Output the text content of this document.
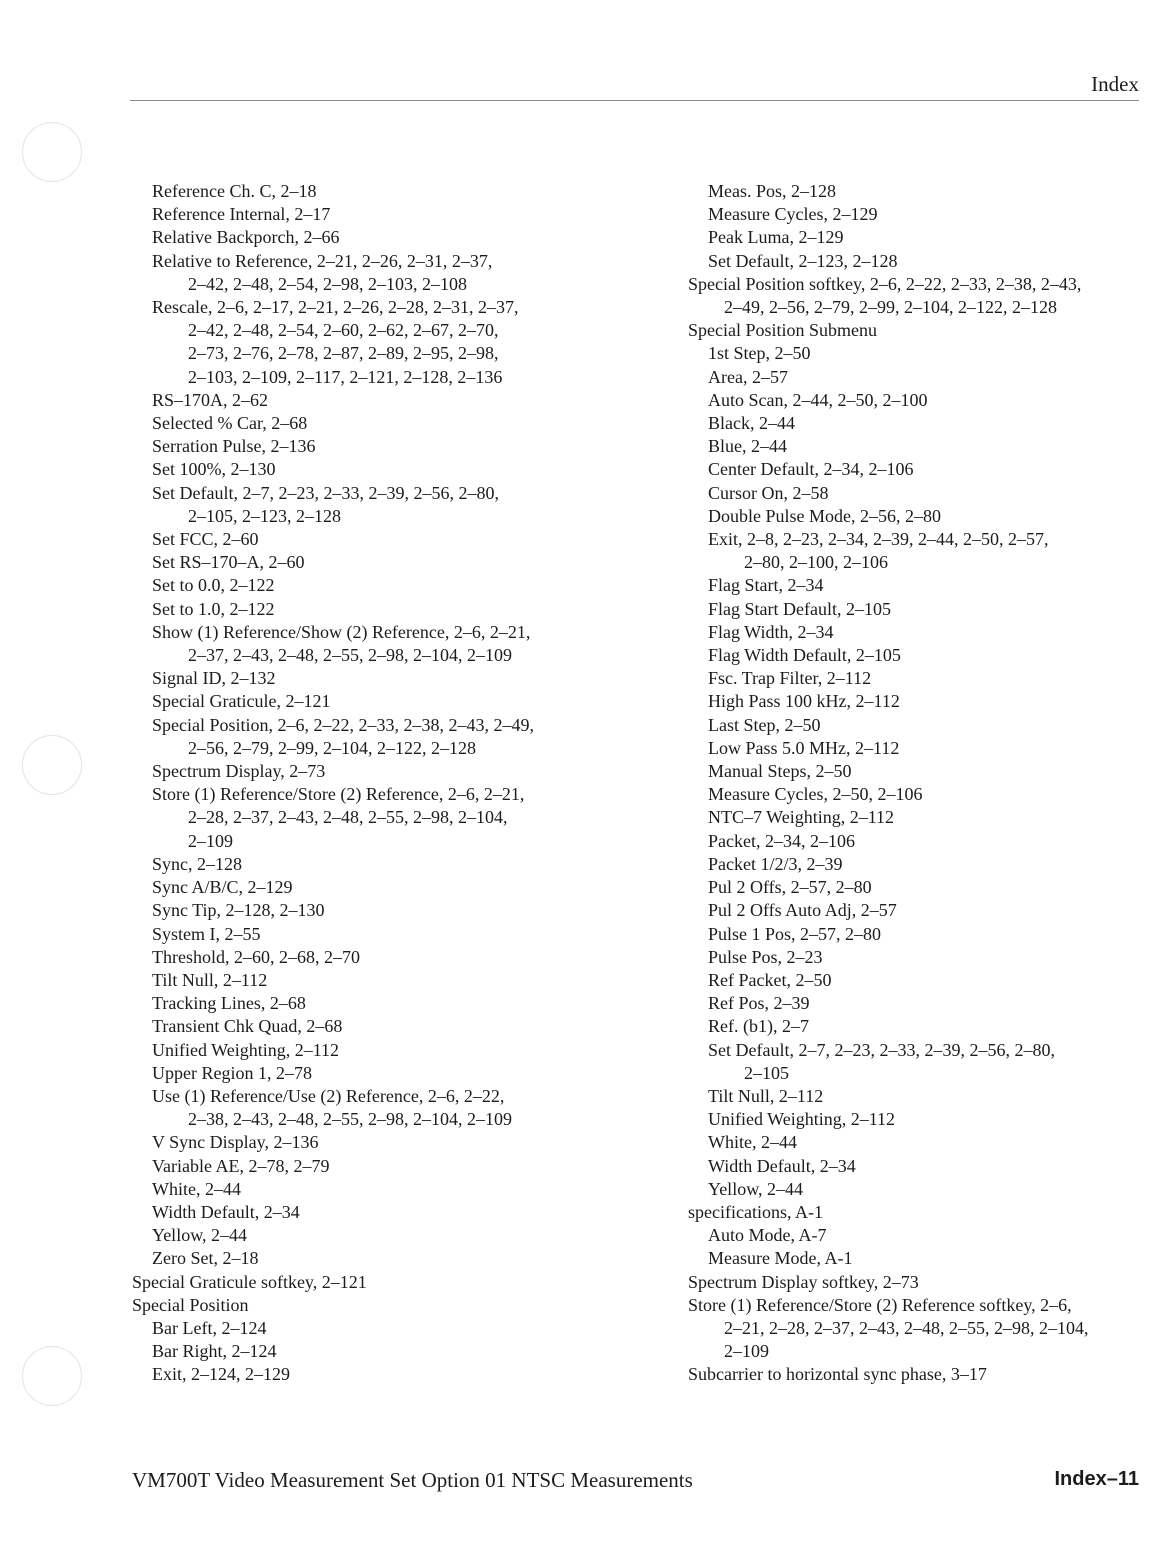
Index
Reference Ch. C, 2–18
Reference Internal, 2–17
Relative Backporch, 2–66
Relative to Reference, 2–21, 2–26, 2–31, 2–37,
2–42, 2–48, 2–54, 2–98, 2–103, 2–108
Rescale, 2–6, 2–17, 2–21, 2–26, 2–28, 2–31, 2–37,
2–42, 2–48, 2–54, 2–60, 2–62, 2–67, 2–70,
2–73, 2–76, 2–78, 2–87, 2–89, 2–95, 2–98,
2–103, 2–109, 2–117, 2–121, 2–128, 2–136
RS–170A, 2–62
Selected % Car, 2–68
Serration Pulse, 2–136
Set 100%, 2–130
Set Default, 2–7, 2–23, 2–33, 2–39, 2–56, 2–80,
2–105, 2–123, 2–128
Set FCC, 2–60
Set RS–170–A, 2–60
Set to 0.0, 2–122
Set to 1.0, 2–122
Show (1) Reference/Show (2) Reference, 2–6, 2–21,
2–37, 2–43, 2–48, 2–55, 2–98, 2–104, 2–109
Signal ID, 2–132
Special Graticule, 2–121
Special Position, 2–6, 2–22, 2–33, 2–38, 2–43, 2–49,
2–56, 2–79, 2–99, 2–104, 2–122, 2–128
Spectrum Display, 2–73
Store (1) Reference/Store (2) Reference, 2–6, 2–21,
2–28, 2–37, 2–43, 2–48, 2–55, 2–98, 2–104,
2–109
Sync, 2–128
Sync A/B/C, 2–129
Sync Tip, 2–128, 2–130
System I, 2–55
Threshold, 2–60, 2–68, 2–70
Tilt Null, 2–112
Tracking Lines, 2–68
Transient Chk Quad, 2–68
Unified Weighting, 2–112
Upper Region 1, 2–78
Use (1) Reference/Use (2) Reference, 2–6, 2–22,
2–38, 2–43, 2–48, 2–55, 2–98, 2–104, 2–109
V Sync Display, 2–136
Variable AE, 2–78, 2–79
White, 2–44
Width Default, 2–34
Yellow, 2–44
Zero Set, 2–18
Special Graticule softkey, 2–121
Special Position
Bar Left, 2–124
Bar Right, 2–124
Exit, 2–124, 2–129
Meas. Pos, 2–128
Measure Cycles, 2–129
Peak Luma, 2–129
Set Default, 2–123, 2–128
Special Position softkey, 2–6, 2–22, 2–33, 2–38, 2–43,
2–49, 2–56, 2–79, 2–99, 2–104, 2–122, 2–128
Special Position Submenu
1st Step, 2–50
Area, 2–57
Auto Scan, 2–44, 2–50, 2–100
Black, 2–44
Blue, 2–44
Center Default, 2–34, 2–106
Cursor On, 2–58
Double Pulse Mode, 2–56, 2–80
Exit, 2–8, 2–23, 2–34, 2–39, 2–44, 2–50, 2–57,
2–80, 2–100, 2–106
Flag Start, 2–34
Flag Start Default, 2–105
Flag Width, 2–34
Flag Width Default, 2–105
Fsc. Trap Filter, 2–112
High Pass 100 kHz, 2–112
Last Step, 2–50
Low Pass 5.0 MHz, 2–112
Manual Steps, 2–50
Measure Cycles, 2–50, 2–106
NTC–7 Weighting, 2–112
Packet, 2–34, 2–106
Packet 1/2/3, 2–39
Pul 2 Offs, 2–57, 2–80
Pul 2 Offs Auto Adj, 2–57
Pulse 1 Pos, 2–57, 2–80
Pulse Pos, 2–23
Ref Packet, 2–50
Ref Pos, 2–39
Ref. (b1), 2–7
Set Default, 2–7, 2–23, 2–33, 2–39, 2–56, 2–80,
2–105
Tilt Null, 2–112
Unified Weighting, 2–112
White, 2–44
Width Default, 2–34
Yellow, 2–44
specifications, A-1
Auto Mode, A-7
Measure Mode, A-1
Spectrum Display softkey, 2–73
Store (1) Reference/Store (2) Reference softkey, 2–6,
2–21, 2–28, 2–37, 2–43, 2–48, 2–55, 2–98, 2–104,
2–109
Subcarrier to horizontal sync phase, 3–17
VM700T Video Measurement Set Option 01 NTSC Measurements	Index–11
